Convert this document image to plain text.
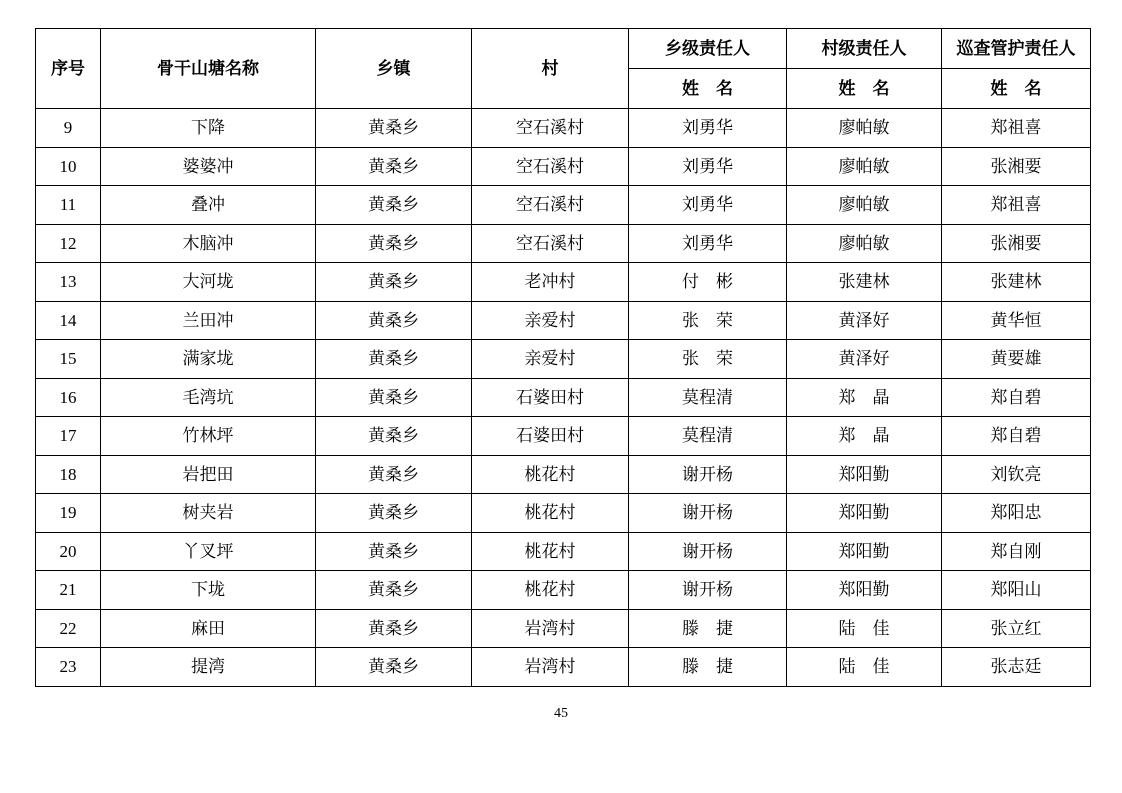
序号	骨干山塘名称	乡镇	村	乡级责任人	村级责任人	巡查管护责任人
				姓　名	姓　名	姓　名
9	下降	黄桑乡	空石溪村	刘勇华	廖帕敏	郑祖喜
10	婆婆冲	黄桑乡	空石溪村	刘勇华	廖帕敏	张湘要
11	叠冲	黄桑乡	空石溪村	刘勇华	廖帕敏	郑祖喜
12	木脑冲	黄桑乡	空石溪村	刘勇华	廖帕敏	张湘要
13	大河垅	黄桑乡	老冲村	付　彬	张建林	张建林
14	兰田冲	黄桑乡	亲爱村	张　荣	黄泽好	黄华恒
15	满家垅	黄桑乡	亲爱村	张　荣	黄泽好	黄要雄
16	毛湾坑	黄桑乡	石婆田村	莫程清	郑　晶	郑自碧
17	竹林坪	黄桑乡	石婆田村	莫程清	郑　晶	郑自碧
18	岩把田	黄桑乡	桃花村	谢开杨	郑阳勤	刘钦亮
19	树夹岩	黄桑乡	桃花村	谢开杨	郑阳勤	郑阳忠
20	丫叉坪	黄桑乡	桃花村	谢开杨	郑阳勤	郑自刚
21	下垅	黄桑乡	桃花村	谢开杨	郑阳勤	郑阳山
22	麻田	黄桑乡	岩湾村	滕　捷	陆　佳	张立红
23	提湾	黄桑乡	岩湾村	滕　捷	陆　佳	张志廷
45
